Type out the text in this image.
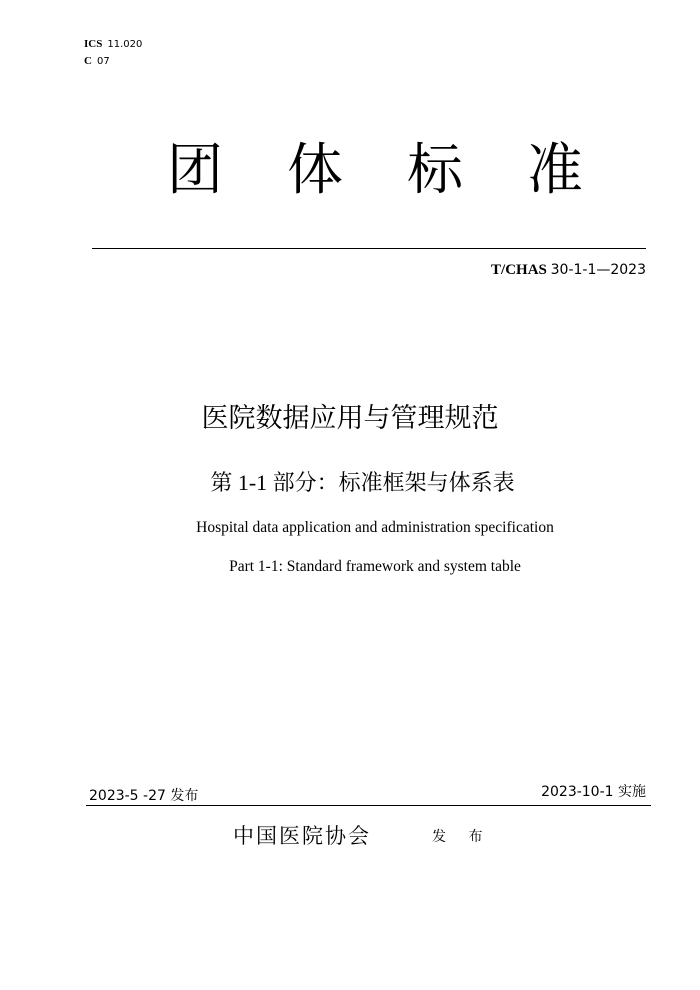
ICS 11.020
C 07
团 体 标 准
T/CHAS 30-1-1—2023
医院数据应用与管理规范
第 1-1 部分：标准框架与体系表
Hospital data application and administration specification
Part 1-1: Standard framework and system table
2023-5 -27 发布	2023-10-1 实施
中国医院协会	发 布
